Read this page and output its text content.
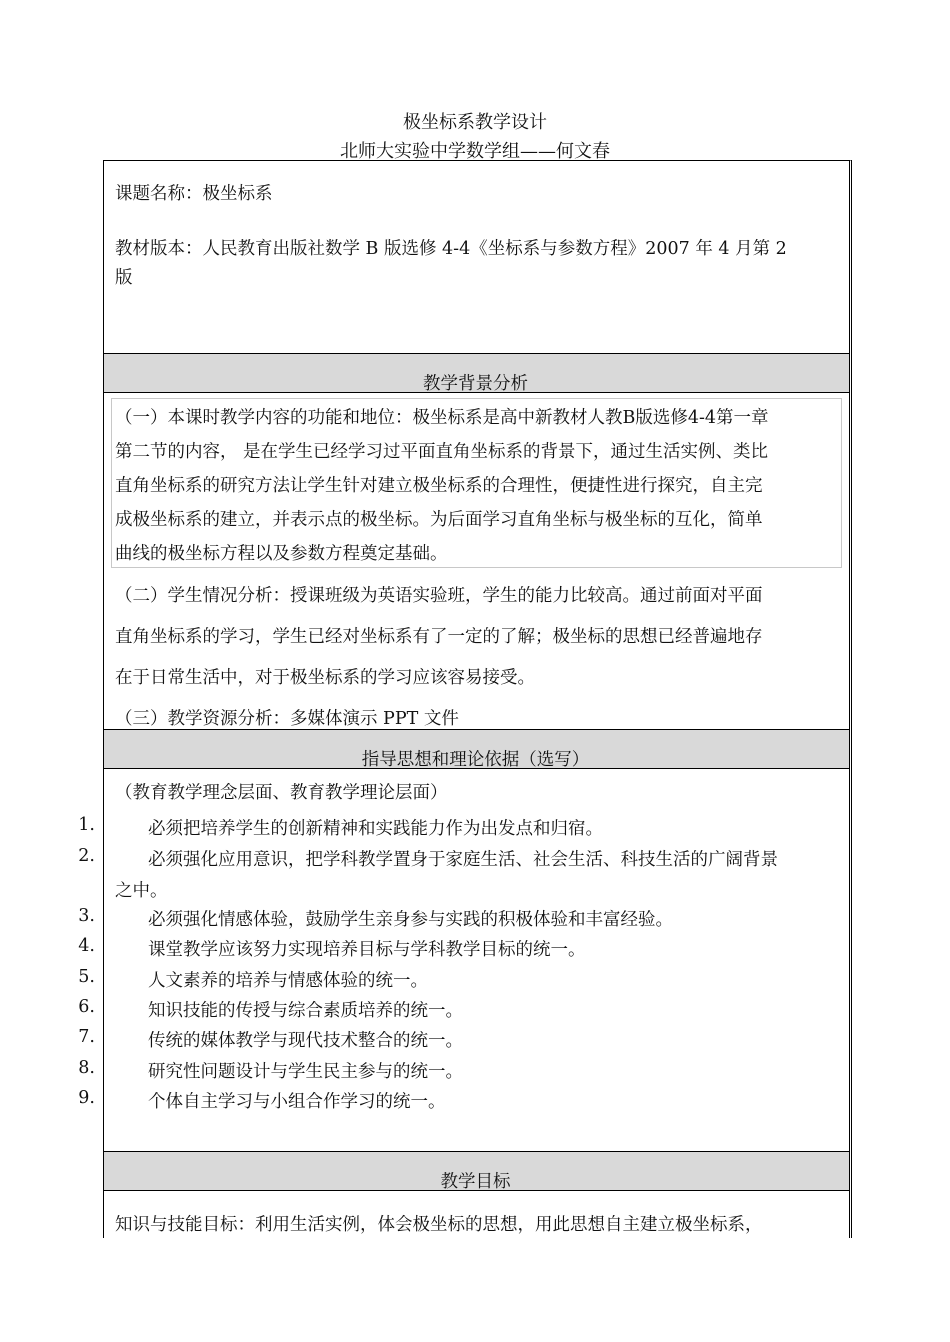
极坐标系教学设计
北师大实验中学数学组——何文春
课题名称：极坐标系
教材版本：人民教育出版社数学 B 版选修 4-4《坐标系与参数方程》2007 年 4 月第 2
版
教学背景分析
（一）本课时教学内容的功能和地位：极坐标系是高中新教材人教B版选修4-4第一章
第二节的内容， 是在学生已经学习过平面直角坐标系的背景下，通过生活实例、类比
直角坐标系的研究方法让学生针对建立极坐标系的合理性，便捷性进行探究，自主完
成极坐标系的建立，并表示点的极坐标。为后面学习直角坐标与极坐标的互化，简单
曲线的极坐标方程以及参数方程奠定基础。
（二）学生情况分析：授课班级为英语实验班，学生的能力比较高。通过前面对平面
直角坐标系的学习，学生已经对坐标系有了一定的了解；极坐标的思想已经普遍地存
在于日常生活中，对于极坐标系的学习应该容易接受。
（三）教学资源分析：多媒体演示 PPT 文件
指导思想和理论依据（选写）
（教育教学理念层面、教育教学理论层面）
1.	必须把培养学生的创新精神和实践能力作为出发点和归宿。
2.	必须强化应用意识，把学科教学置身于家庭生活、社会生活、科技生活的广阔背景
之中。
3.	必须强化情感体验，鼓励学生亲身参与实践的积极体验和丰富经验。
4.	课堂教学应该努力实现培养目标与学科教学目标的统一。
5.	人文素养的培养与情感体验的统一。
6.	知识技能的传授与综合素质培养的统一。
7.	传统的媒体教学与现代技术整合的统一。
8.	研究性问题设计与学生民主参与的统一。
9.	个体自主学习与小组合作学习的统一。
教学目标
知识与技能目标：利用生活实例，体会极坐标的思想，用此思想自主建立极坐标系，
